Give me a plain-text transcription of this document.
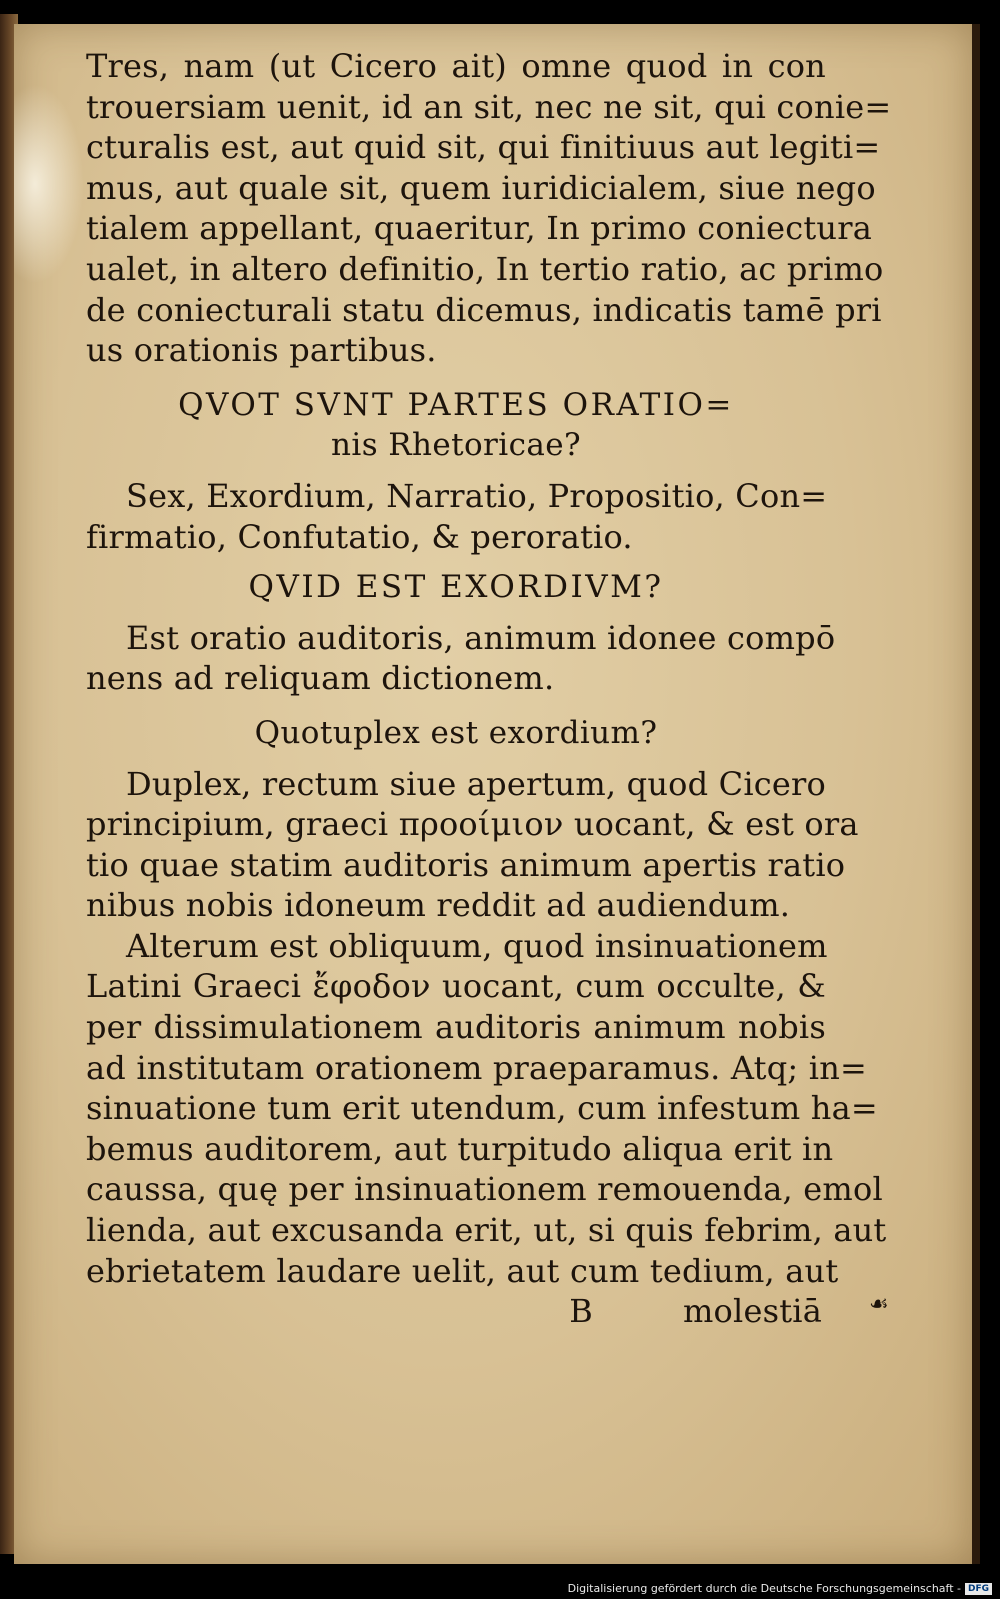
Tres, nam (ut Cicero ait) omne quod in con
trouersiam uenit, id an sit, nec ne sit, qui conie=
cturalis est, aut quid sit, qui finitiuus aut legiti=
mus, aut quale sit, quem iuridicialem, siue nego
tialem appellant, quaeritur, In primo coniectura
ualet, in altero definitio, In tertio ratio, ac primo
de coniecturali statu dicemus, indicatis tamē pri
us orationis partibus.
QVOT SVNT PARTES ORATIO=
nis Rhetoricae?
Sex, Exordium, Narratio, Propositio, Con=
firmatio, Confutatio, & peroratio.
QVID EST EXORDIVM?
Est oratio auditoris, animum idonee compō
nens ad reliquam dictionem.
Quotuplex est exordium?
Duplex, rectum siue apertum, quod Cicero
principium, graeci προοίμιον uocant, & est ora
tio quae statim auditoris animum apertis ratio
nibus nobis idoneum reddit ad audiendum.
Alterum est obliquum, quod insinuationem
Latini Graeci ἔφοδον uocant, cum occulte, &
per dissimulationem auditoris animum nobis
ad institutam orationem praeparamus. Atq; in=
sinuatione tum erit utendum, cum infestum ha=
bemus auditorem, aut turpitudo aliqua erit in
caussa, quę per insinuationem remouenda, emol
lienda, aut excusanda erit, ut, si quis febrim, aut
ebrietatem laudare uelit, aut cum tedium, aut
B	molestiā ☙
Digitalisierung gefördert durch die Deutsche Forschungsgemeinschaft - DFG
